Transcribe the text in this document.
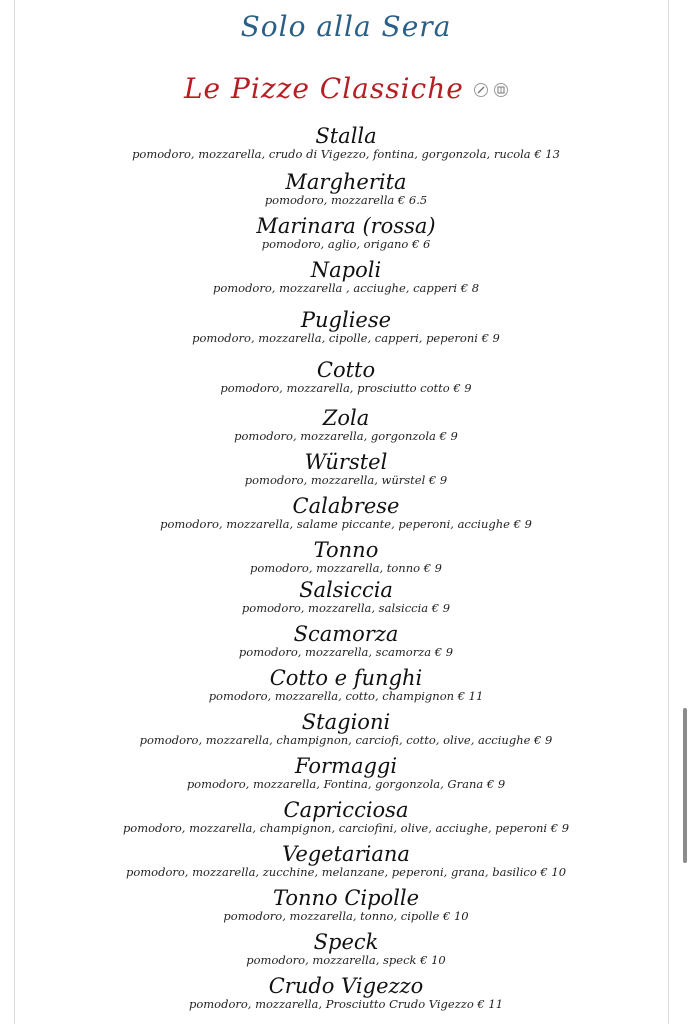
Solo alla Sera
Le Pizze Classiche

Stalla
pomodoro, mozzarella, crudo di Vigezzo, fontina, gorgonzola, rucola € 13
Margherita
pomodoro, mozzarella € 6.5
Marinara (rossa)
pomodoro, aglio, origano € 6
Napoli
pomodoro, mozzarella , acciughe, capperi € 8
Pugliese
pomodoro, mozzarella, cipolle, capperi, peperoni € 9
Cotto
pomodoro, mozzarella, prosciutto cotto € 9
Zola
pomodoro, mozzarella, gorgonzola € 9
Würstel
pomodoro, mozzarella, würstel € 9
Calabrese
pomodoro, mozzarella, salame piccante, peperoni, acciughe € 9
Tonno
pomodoro, mozzarella, tonno € 9
Salsiccia
pomodoro, mozzarella, salsiccia € 9
Scamorza
pomodoro, mozzarella, scamorza € 9
Cotto e funghi
pomodoro, mozzarella, cotto, champignon € 11
Stagioni
pomodoro, mozzarella, champignon, carciofi, cotto, olive, acciughe € 9
Formaggi
pomodoro, mozzarella, Fontina, gorgonzola, Grana € 9
Capricciosa
pomodoro, mozzarella, champignon, carciofini, olive, acciughe, peperoni € 9
Vegetariana
pomodoro, mozzarella, zucchine, melanzane, peperoni, grana, basilico € 10
Tonno Cipolle
pomodoro, mozzarella, tonno, cipolle € 10
Speck
pomodoro, mozzarella, speck € 10
Crudo Vigezzo
pomodoro, mozzarella, Prosciutto Crudo Vigezzo € 11
